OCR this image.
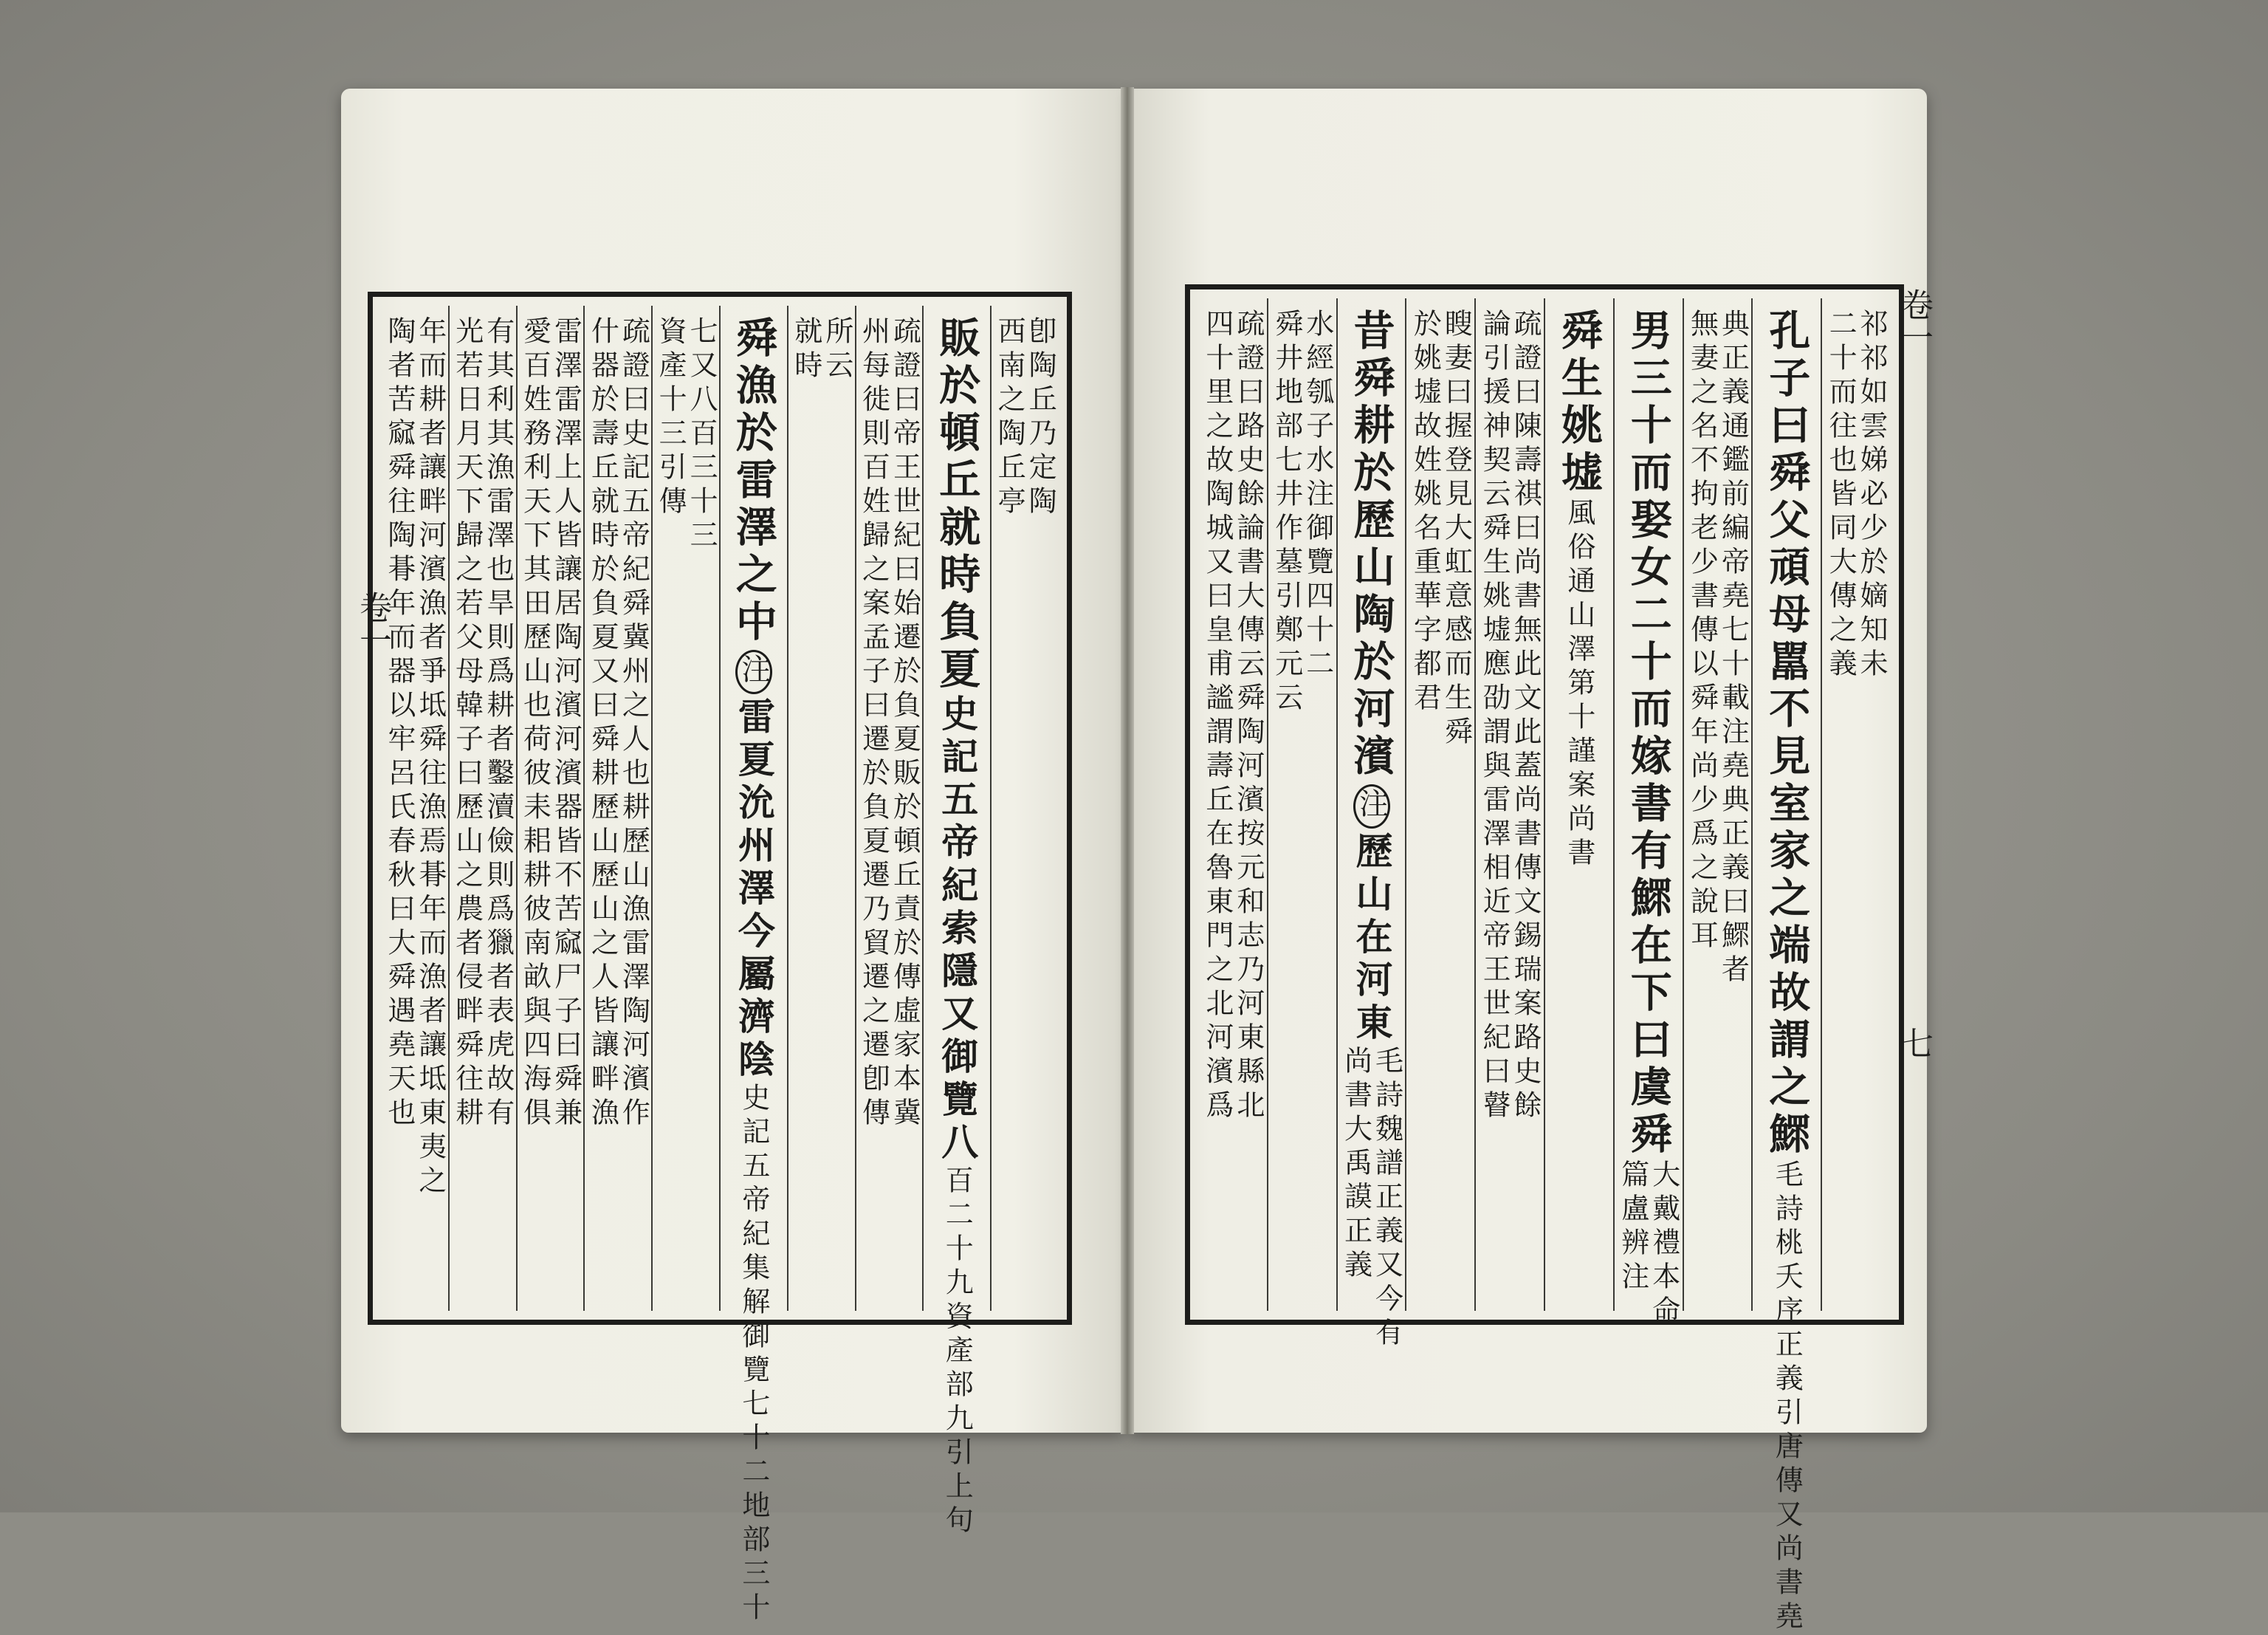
卽陶丘乃定陶
西南之陶丘亭
販於頓丘就時負夏
史記五帝紀索隱又御覽八
百二十九資產部九引上句
疏證曰帝王世紀曰始遷於負夏販於頓丘責於傳虛家本冀
州每徙則百姓歸之案孟子曰遷於負夏遷乃貿遷之遷卽傳
所云
就時
舜漁於雷澤之中
注
雷夏沇州澤今屬濟陰
史記五帝紀集解御覽七十二地部三十
七又八百三十三
資產十三引傳
疏證曰史記五帝紀舜冀州之人也耕歷山漁雷澤陶河濱作
什器於壽丘就時於負夏又曰舜耕歷山歷山之人皆讓畔漁
雷澤雷澤上人皆讓居陶河濱河濱器皆不苦窳尸子曰舜兼
愛百姓務利天下其田歷山也荷彼耒耜耕彼南畝與四海俱
有其利其漁雷澤也旱則爲耕者鑿瀆儉則爲獵者表虎故有
光若日月天下歸之若父母韓子曰歷山之農者侵畔舜往耕
年而耕者讓畔河濱漁者爭坻舜往漁焉朞年而漁者讓坻東夷之
陶者苦窳舜往陶朞年而器以牢呂氏春秋曰大舜遇堯天也	祁祁如雲娣必少於嫡知未
二十而往也皆同大傳之義
孔子曰舜父頑母嚚不見室家之端故謂之鰥
毛詩桃夭序正義引唐傳又尚書堯
典正義通鑑前編帝堯七十載注堯典正義曰鰥者
無妻之名不拘老少書傳以舜年尚少爲之說耳
男三十而娶女二十而嫁書有鰥在下曰虞舜
大戴禮本命
篇盧辨注
舜生姚墟
風俗通山澤第十謹案尚書
疏證曰陳壽祺曰尚書無此文此蓋尚書傳文錫瑞案路史餘
論引援神契云舜生姚墟應劭謂與雷澤相近帝王世紀曰瞽
瞍妻曰握登見大虹意感而生舜
於姚墟故姓姚名重華字都君
昔舜耕於歷山陶於河濱
注
歷山在河東
毛詩魏譜正義又今有
尚書大禹謨正義
水經瓠子水注御覽四十二
舜井地部七井作墓引鄭元云
疏證曰路史餘論書大傳云舜陶河濱按元和志乃河東縣北
四十里之故陶城又曰皇甫謐謂壽丘在魯東門之北河濱爲
卷一
卷一
七
